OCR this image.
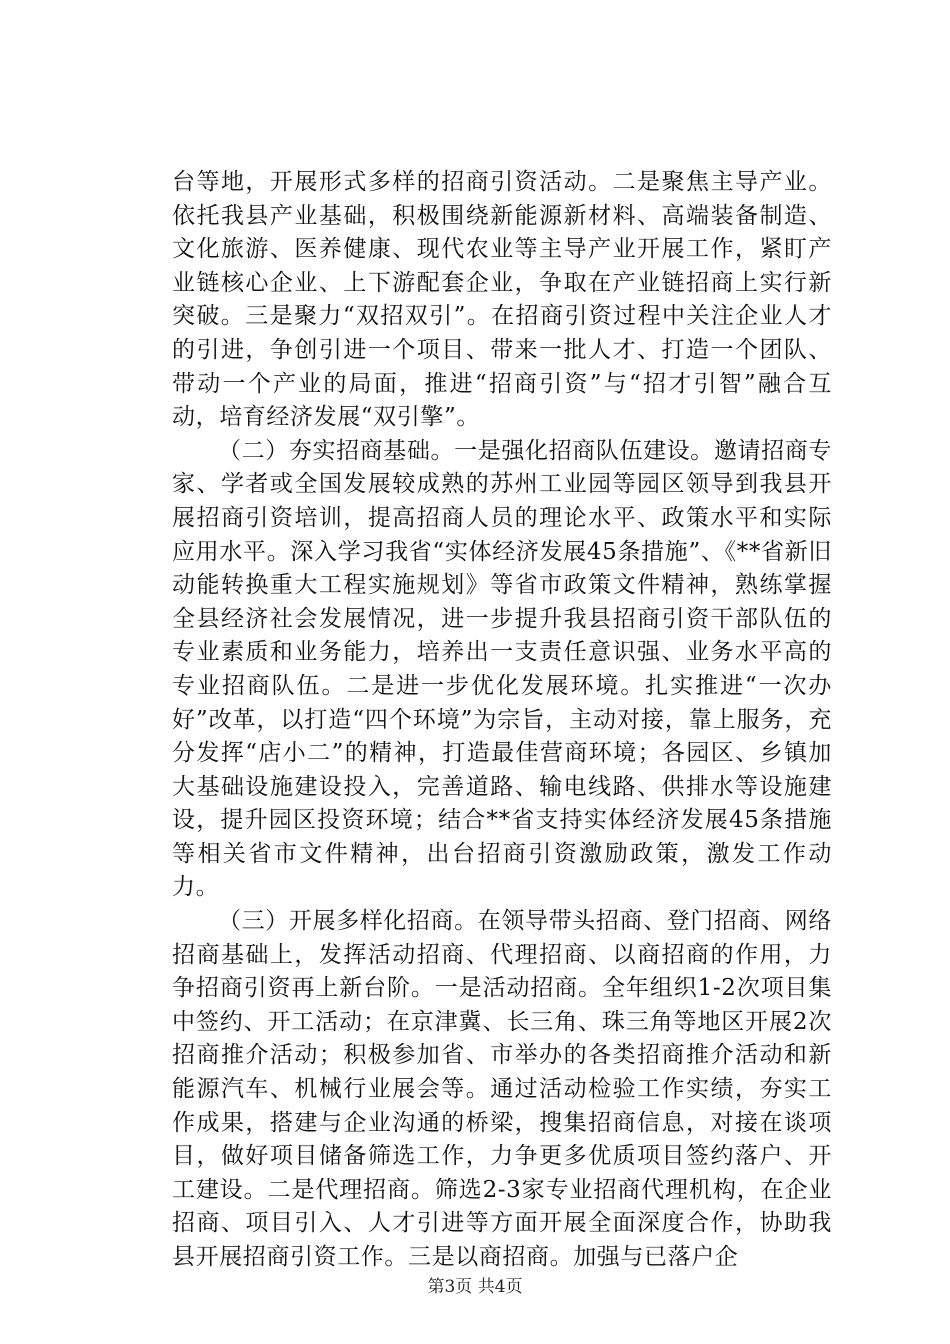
台等地，开展形式多样的招商引资活动。二是聚焦主导产业。依托我县产业基础，积极围绕新能源新材料、高端装备制造、文化旅游、医养健康、现代农业等主导产业开展工作，紧盯产业链核心企业、上下游配套企业，争取在产业链招商上实行新突破。三是聚力“双招双引”。在招商引资过程中关注企业人才的引进，争创引进一个项目、带来一批人才、打造一个团队、带动一个产业的局面，推进“招商引资”与“招才引智”融合互动，培育经济发展“双引擎”。

（二）夯实招商基础。一是强化招商队伍建设。邀请招商专家、学者或全国发展较成熟的苏州工业园等园区领导到我县开展招商引资培训，提高招商人员的理论水平、政策水平和实际应用水平。深入学习我省“实体经济发展45条措施”、《**省新旧动能转换重大工程实施规划》等省市政策文件精神，熟练掌握全县经济社会发展情况，进一步提升我县招商引资干部队伍的专业素质和业务能力，培养出一支责任意识强、业务水平高的专业招商队伍。二是进一步优化发展环境。扎实推进“一次办好”改革，以打造“四个环境”为宗旨，主动对接，靠上服务，充分发挥“店小二”的精神，打造最佳营商环境；各园区、乡镇加大基础设施建设投入，完善道路、输电线路、供排水等设施建设，提升园区投资环境；结合**省支持实体经济发展45条措施等相关省市文件精神，出台招商引资激励政策，激发工作动力。

（三）开展多样化招商。在领导带头招商、登门招商、网络招商基础上，发挥活动招商、代理招商、以商招商的作用，力争招商引资再上新台阶。一是活动招商。全年组织1-2次项目集中签约、开工活动；在京津冀、长三角、珠三角等地区开展2次招商推介活动；积极参加省、市举办的各类招商推介活动和新能源汽车、机械行业展会等。通过活动检验工作实绩，夯实工作成果，搭建与企业沟通的桥梁，搜集招商信息，对接在谈项目，做好项目储备筛选工作，力争更多优质项目签约落户、开工建设。二是代理招商。筛选2-3家专业招商代理机构，在企业招商、项目引入、人才引进等方面开展全面深度合作，协助我县开展招商引资工作。三是以商招商。加强与已落户企

第3页 共4页
